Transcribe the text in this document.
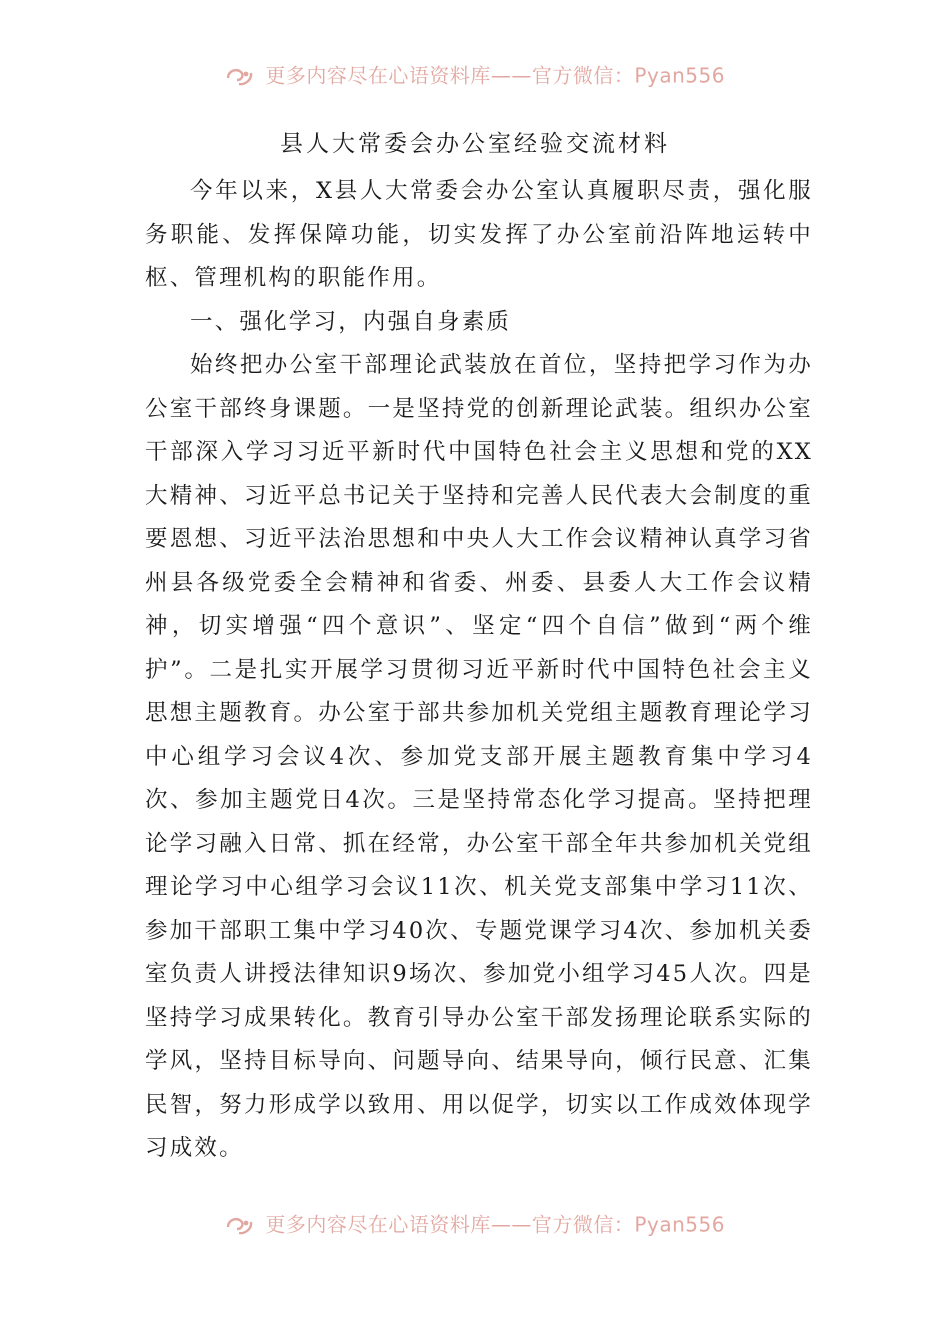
更多内容尽在心语资料库——官方微信：Pyan556
县人大常委会办公室经验交流材料

今年以来，X县人大常委会办公室认真履职尽责，强化服务职能、发挥保障功能，切实发挥了办公室前沿阵地运转中枢、管理机构的职能作用。

一、强化学习，内强自身素质

始终把办公室干部理论武装放在首位，坚持把学习作为办公室干部终身课题。一是坚持党的创新理论武装。组织办公室干部深入学习习近平新时代中国特色社会主义思想和党的XX大精神、习近平总书记关于坚持和完善人民代表大会制度的重要恩想、习近平法治思想和中央人大工作会议精神认真学习省州县各级党委全会精神和省委、州委、县委人大工作会议精神，切实增强“四个意识”、坚定“四个自信”做到“两个维护”。二是扎实开展学习贯彻习近平新时代中国特色社会主义思想主题教育。办公室于部共参加机关党组主题教育理论学习中心组学习会议4次、参加党支部开展主题教育集中学习4次、参加主题党日4次。三是坚持常态化学习提高。坚持把理论学习融入日常、抓在经常，办公室干部全年共参加机关党组理论学习中心组学习会议11次、机关党支部集中学习11次、参加干部职工集中学习40次、专题党课学习4次、参加机关委室负责人讲授法律知识9场次、参加党小组学习45人次。四是坚持学习成果转化。教育引导办公室干部发扬理论联系实际的学风，坚持目标导向、问题导向、结果导向，倾行民意、汇集民智，努力形成学以致用、用以促学，切实以工作成效体现学习成效。

更多内容尽在心语资料库——官方微信：Pyan556
